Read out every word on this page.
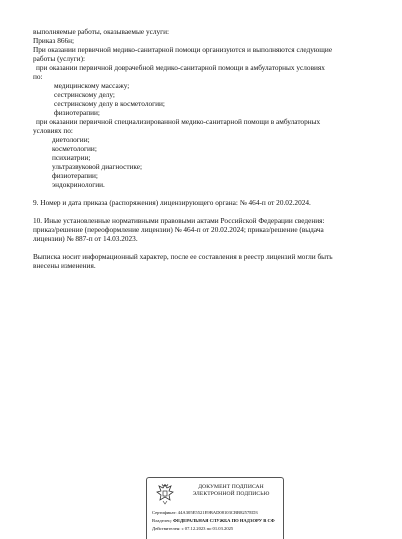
выполняемые работы, оказываемые услуги:

Приказ 866н;

При оказании первичной медико-санитарной помощи организуются и выполняются следующие

работы (услуги):

при оказании первичной доврачебной медико-санитарной помощи в амбулаторных условиях

по:

медицинскому массажу;

сестринскому делу;

сестринскому делу в косметологии;

физиотерапии;

при оказании первичной специализированной медико-санитарной помощи в амбулаторных

условиях по:

диетологии;

косметологии;

психиатрии;

ультразвуковой диагностике;

физиотерапии;

эндокринологии.

9. Номер и дата приказа (распоряжения) лицензирующего органа: № 464-п от 20.02.2024.

10. Иные установленные нормативными правовыми актами Российской Федерации сведения:

приказ/решение (переоформление лицензии) № 464-п от 20.02.2024; приказ/решение (выдача

лицензии) № 887-п от 14.03.2023.

Выписка носит информационный характер, после ее составления в реестр лицензий могли быть

внесены изменения.

ДОКУМЕНТ ПОДПИСАН
ЭЛЕКТРОННОЙ ПОДПИСЬЮ
Сертификат: 44A305E5521E9BAD08103CBB8257ED3
Владелец: ФЕДЕРАЛЬНАЯ СЛУЖБА ПО НАДЗОРУ В СФ
Действителен: с 07.12.2023 по 01.03.2025
